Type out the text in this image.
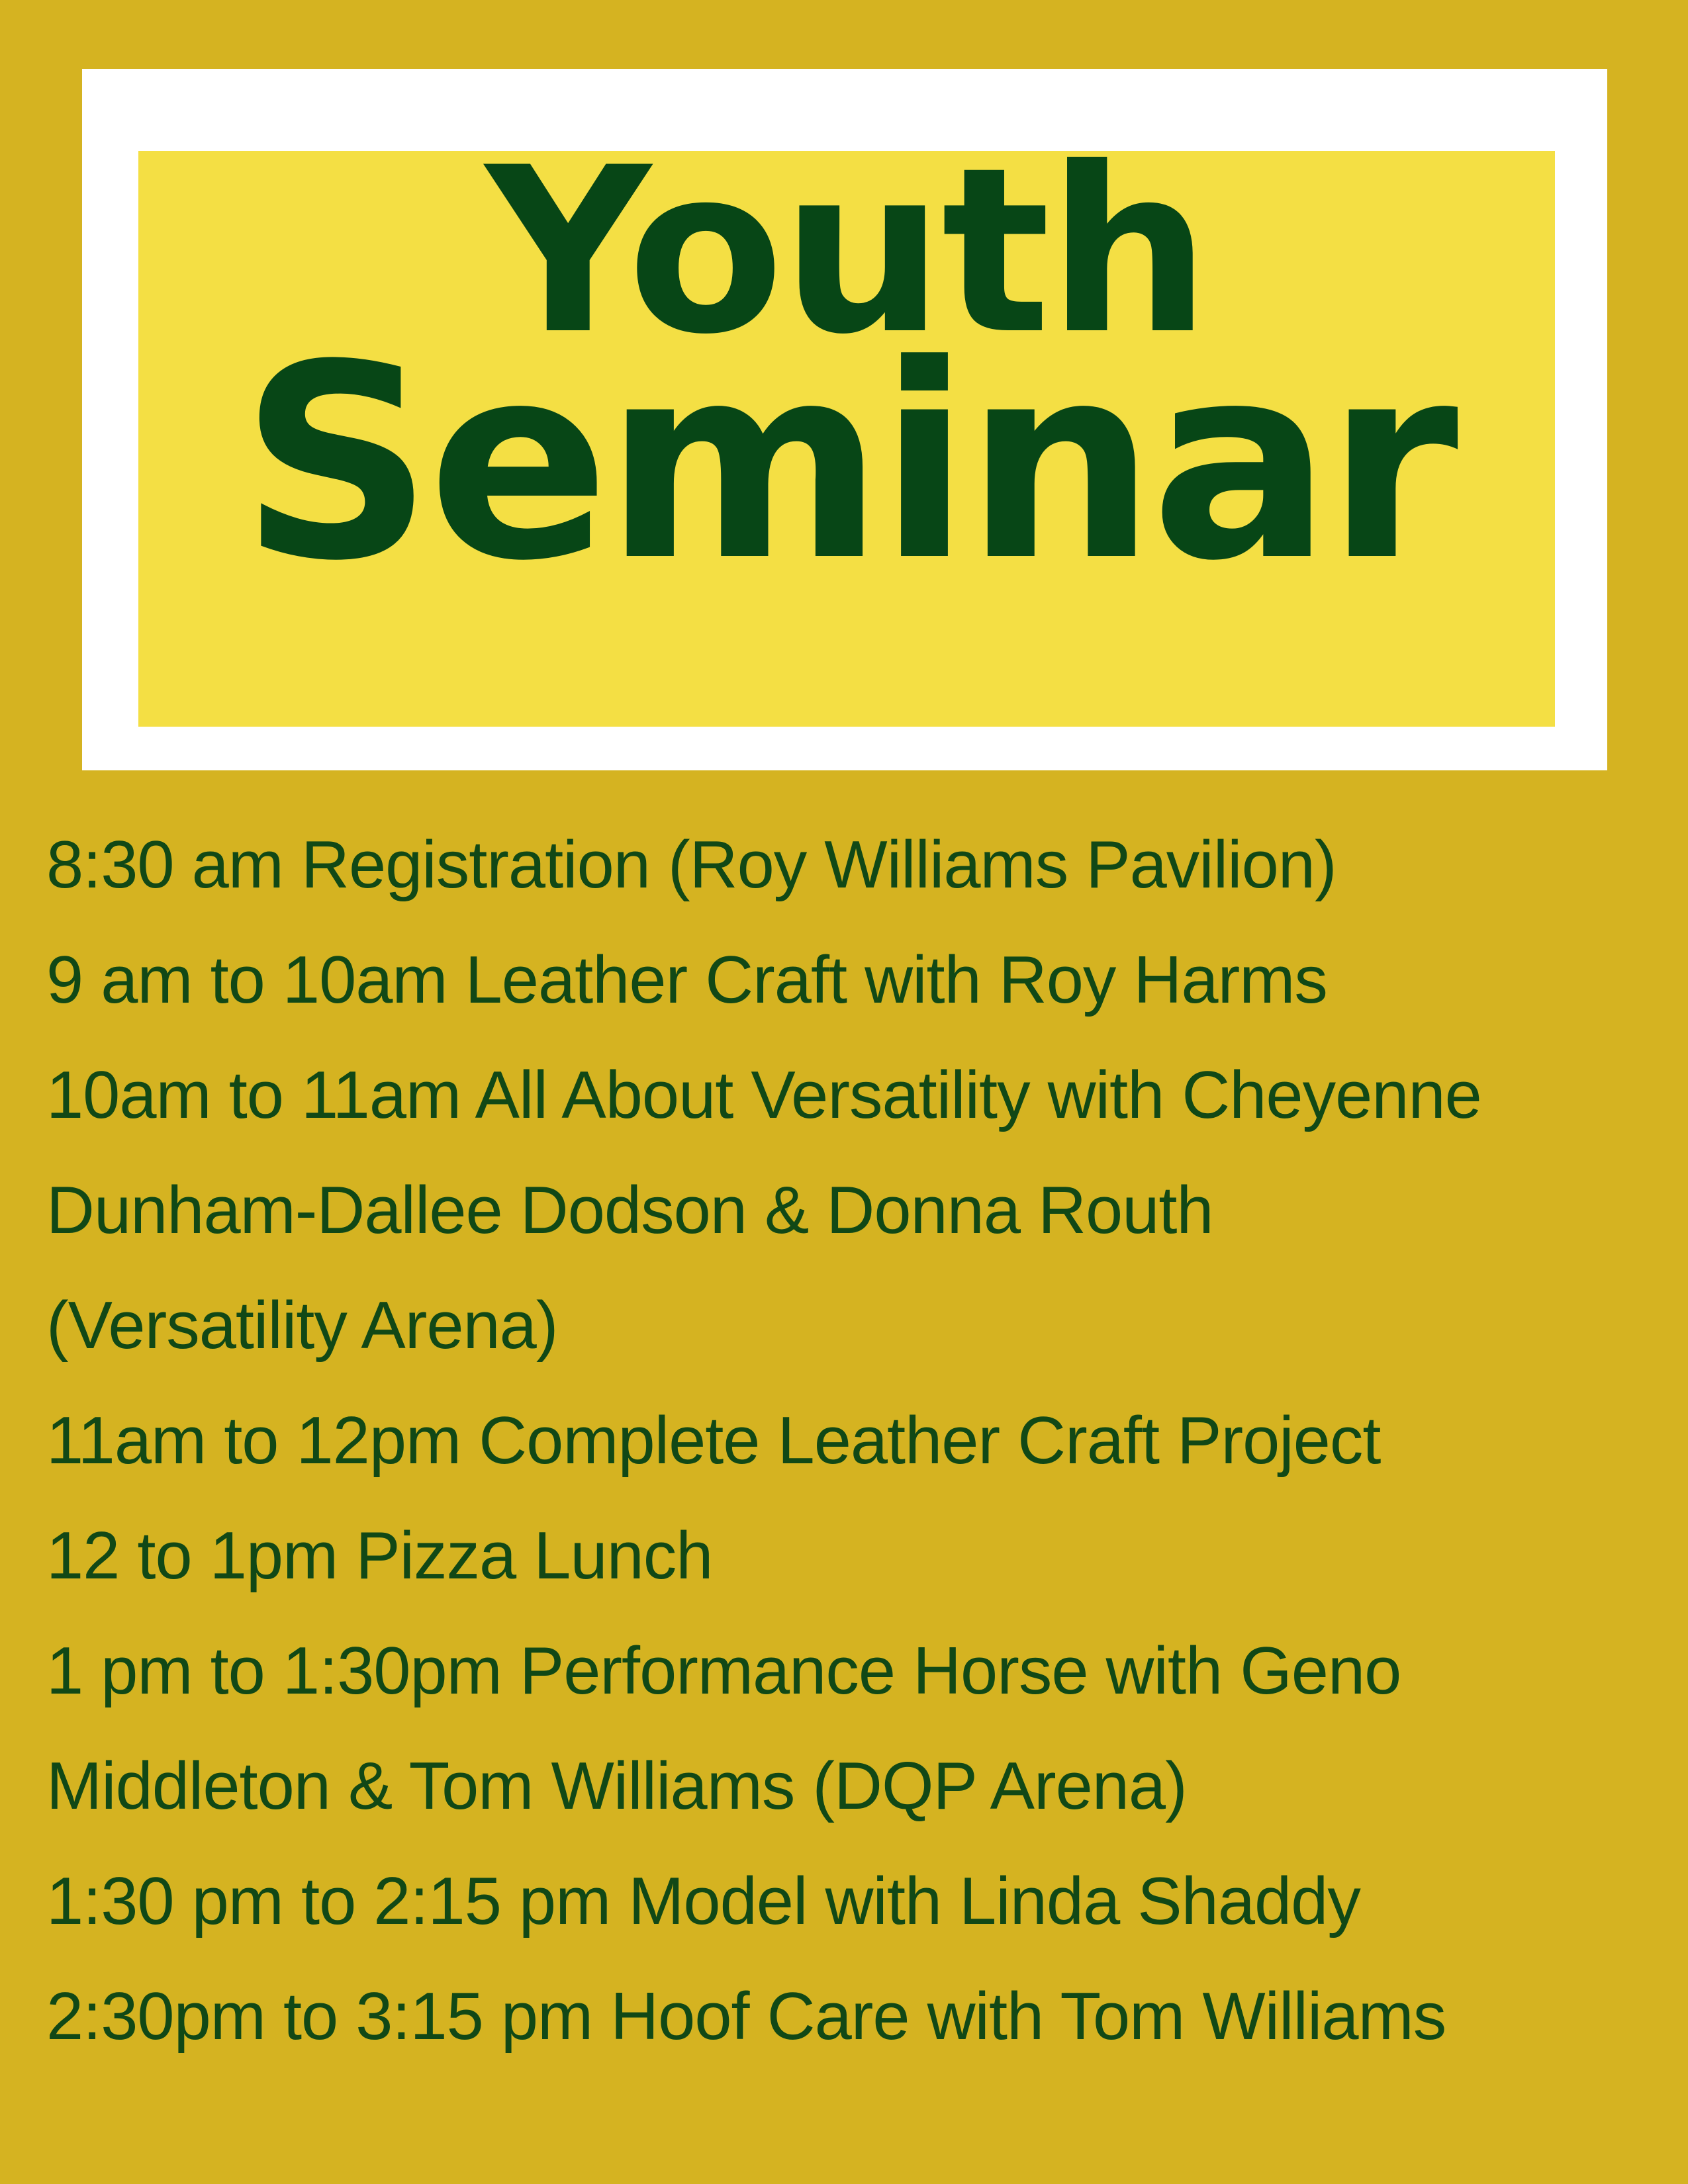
Youth
Seminar
8:30 am Registration (Roy Williams Pavilion)
9 am to 10am Leather Craft with Roy Harms
10am to 11am All About Versatility with Cheyenne
Dunham-Dallee Dodson & Donna Routh
(Versatility Arena)
11am to 12pm Complete Leather Craft Project
12 to 1pm Pizza Lunch
1 pm to 1:30pm Performance Horse with Geno
Middleton & Tom Williams (DQP Arena)
1:30 pm to 2:15 pm Model with Linda Shaddy
2:30pm to 3:15 pm Hoof Care with Tom Williams
